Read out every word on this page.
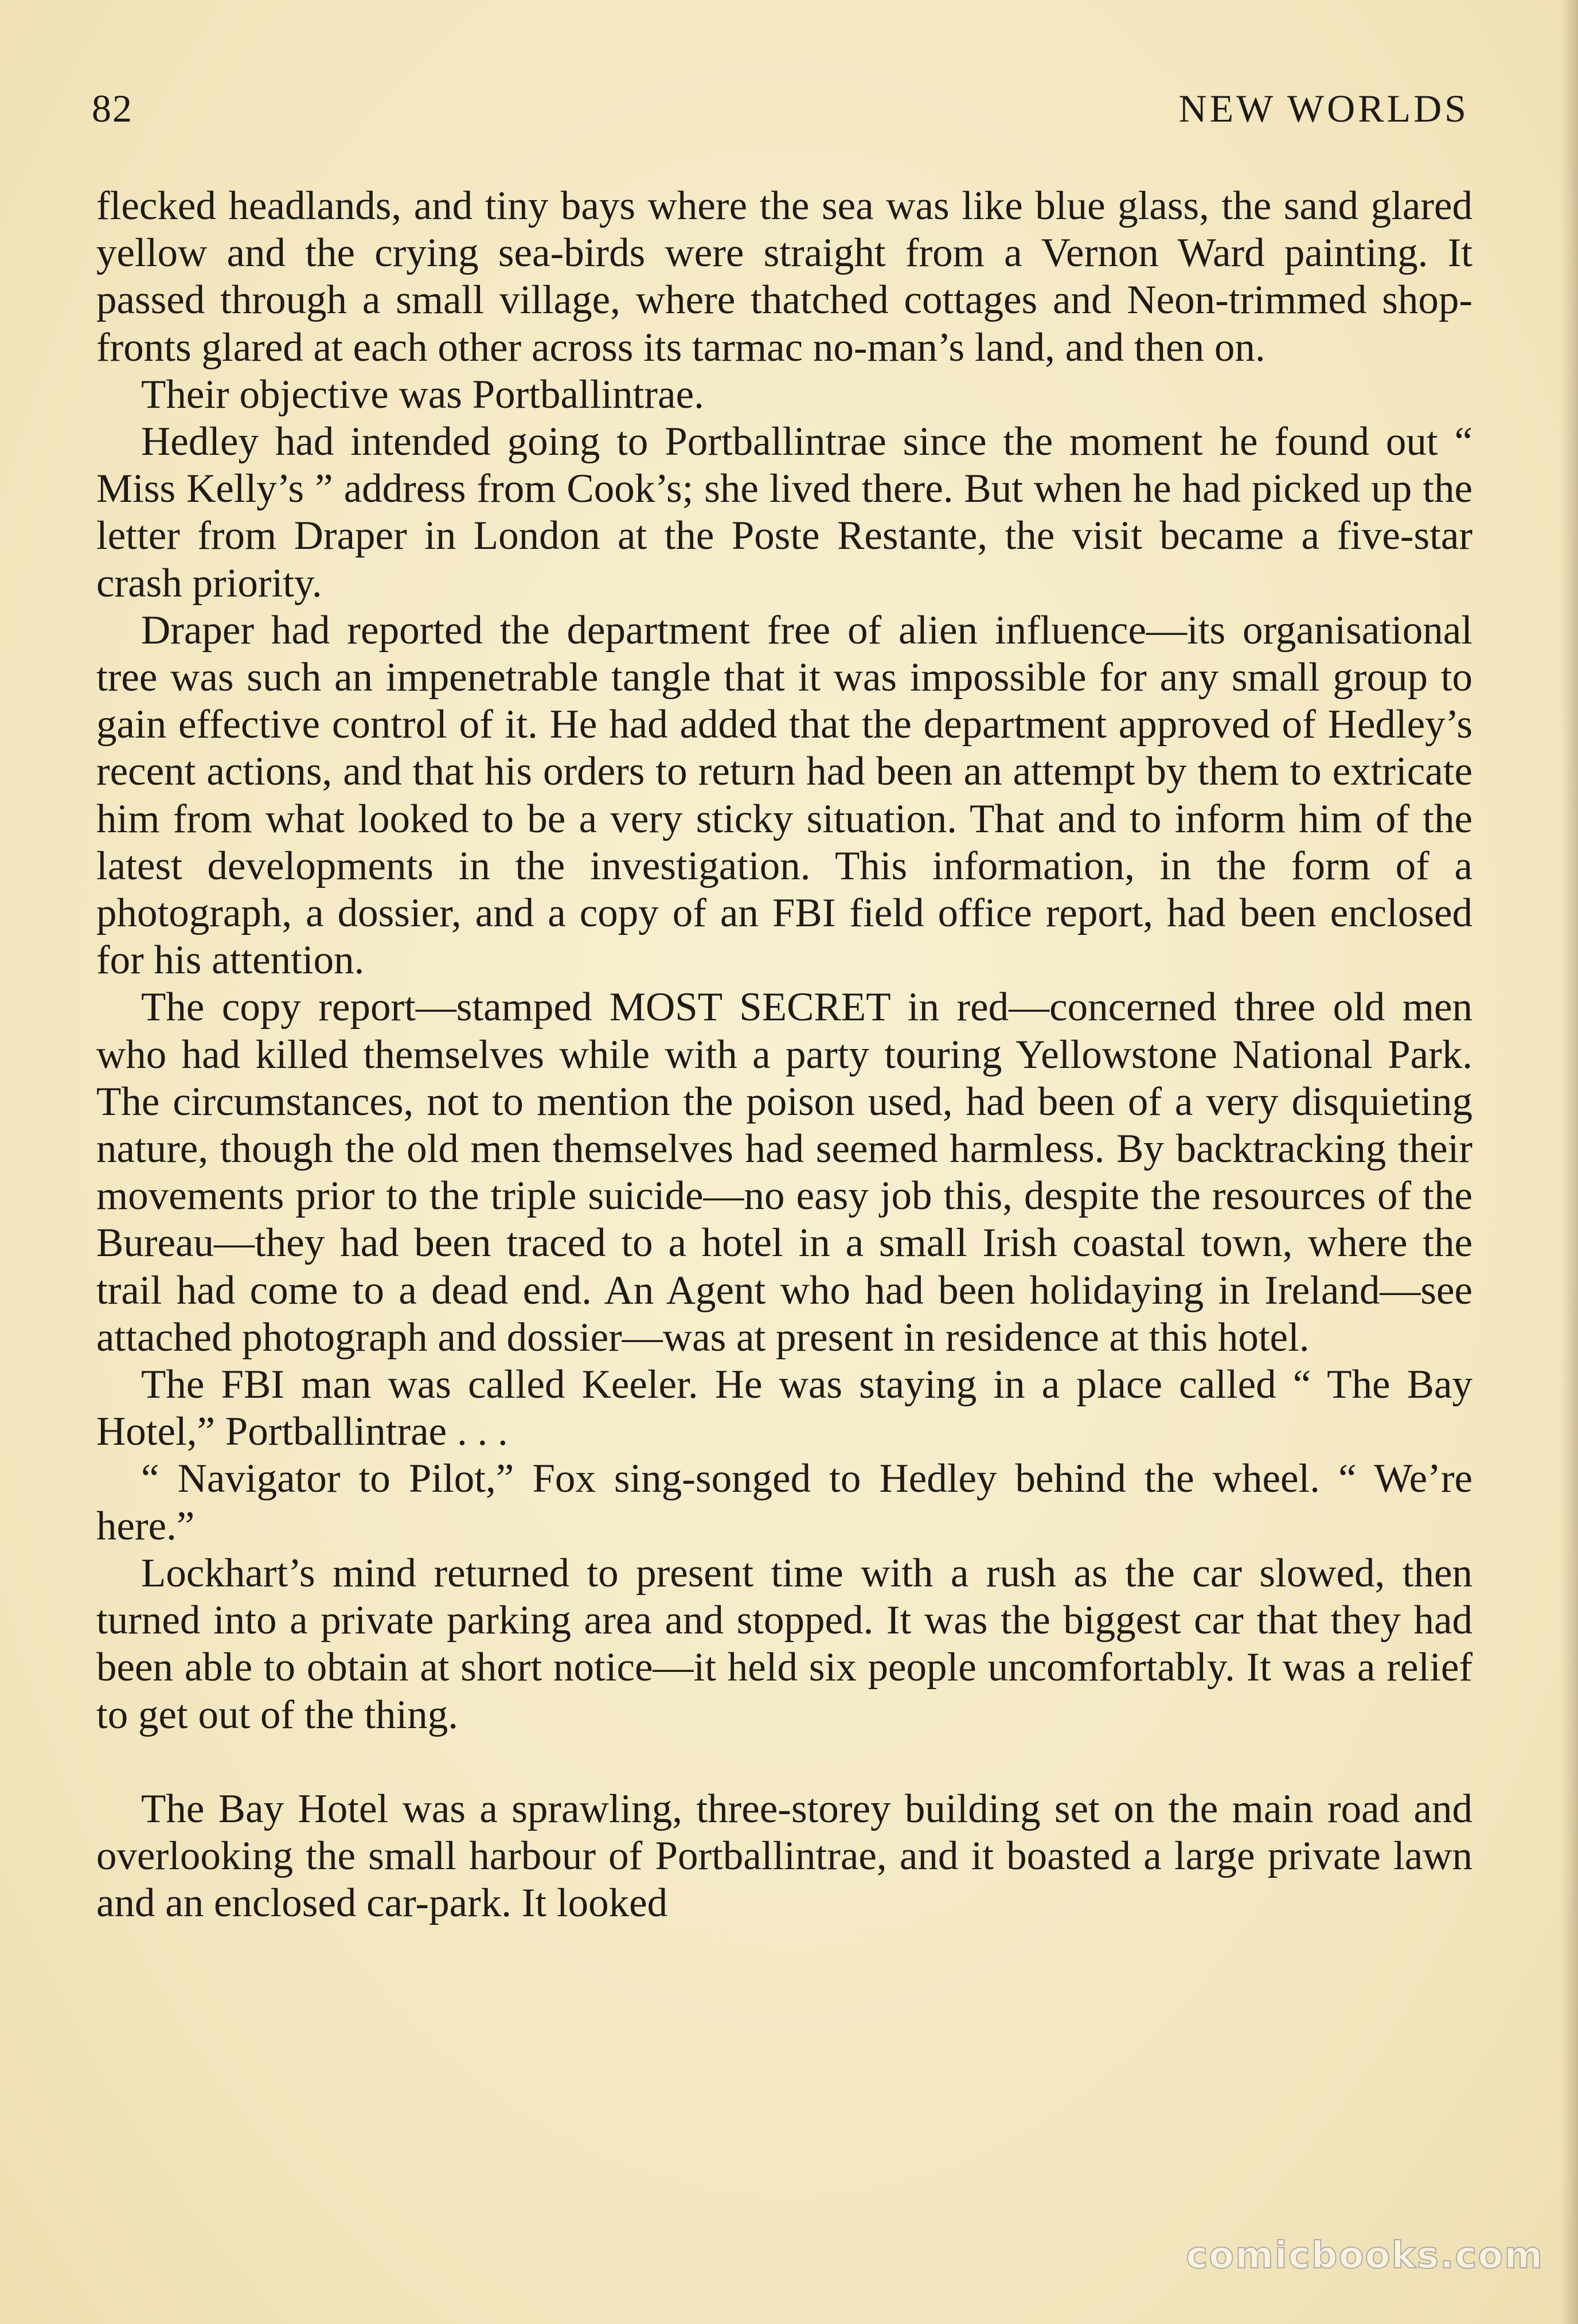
82	NEW WORLDS

flecked headlands, and tiny bays where the sea was like blue glass, the sand glared yellow and the crying sea-birds were straight from a Vernon Ward painting. It passed through a small village, where thatched cottages and Neon-trimmed shop-fronts glared at each other across its tarmac no-man’s land, and then on.

Their objective was Portballintrae.

Hedley had intended going to Portballintrae since the moment he found out “ Miss Kelly’s ” address from Cook’s; she lived there. But when he had picked up the letter from Draper in London at the Poste Restante, the visit became a five-star crash priority.

Draper had reported the department free of alien influence—its organisational tree was such an impenetrable tangle that it was impossible for any small group to gain effective control of it. He had added that the department approved of Hedley’s recent actions, and that his orders to return had been an attempt by them to extricate him from what looked to be a very sticky situation. That and to inform him of the latest developments in the investigation. This information, in the form of a photograph, a dossier, and a copy of an FBI field office report, had been enclosed for his attention.

The copy report—stamped MOST SECRET in red—concerned three old men who had killed themselves while with a party touring Yellowstone National Park. The circumstances, not to mention the poison used, had been of a very disquieting nature, though the old men themselves had seemed harmless. By backtracking their movements prior to the triple suicide—no easy job this, despite the resources of the Bureau—they had been traced to a hotel in a small Irish coastal town, where the trail had come to a dead end. An Agent who had been holidaying in Ireland—see attached photograph and dossier—was at present in residence at this hotel.

The FBI man was called Keeler. He was staying in a place called “ The Bay Hotel,” Portballintrae . . .

“ Navigator to Pilot,” Fox sing-songed to Hedley behind the wheel. “ We’re here.”

Lockhart’s mind returned to present time with a rush as the car slowed, then turned into a private parking area and stopped. It was the biggest car that they had been able to obtain at short notice—it held six people uncomfortably. It was a relief to get out of the thing.

The Bay Hotel was a sprawling, three-storey building set on the main road and overlooking the small harbour of Portballintrae, and it boasted a large private lawn and an enclosed car-park. It looked

comicbooks.com
